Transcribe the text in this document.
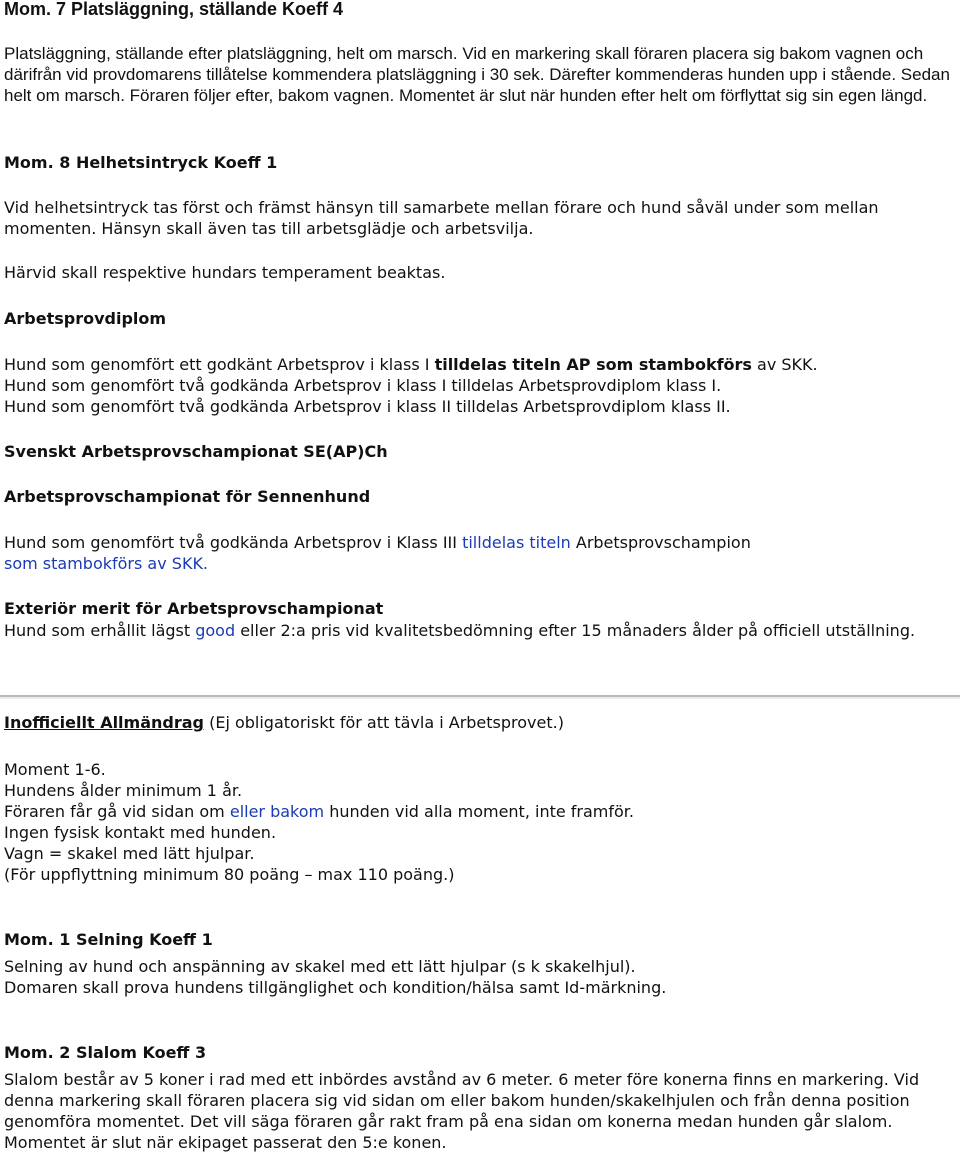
Mom. 7 Platsläggning, ställande Koeff 4

Platsläggning, ställande efter platsläggning, helt om marsch. Vid en markering skall föraren placera sig bakom vagnen och därifrån vid provdomarens tillåtelse kommendera platsläggning i 30 sek. Därefter kommenderas hunden upp i stående. Sedan helt om marsch. Föraren följer efter, bakom vagnen. Momentet är slut när hunden efter helt om förflyttat sig sin egen längd.

Mom. 8 Helhetsintryck Koeff 1

Vid helhetsintryck tas först och främst hänsyn till samarbete mellan förare och hund såväl under som mellan momenten. Hänsyn skall även tas till arbetsglädje och arbetsvilja.

Härvid skall respektive hundars temperament beaktas.

Arbetsprovdiplom
Hund som genomfört ett godkänt Arbetsprov i klass I tilldelas titeln AP som stambokförs av SKK.
Hund som genomfört två godkända Arbetsprov i klass I tilldelas Arbetsprovdiplom klass I.
Hund som genomfört två godkända Arbetsprov i klass II tilldelas Arbetsprovdiplom klass II.
Svenskt Arbetsprovschampionat SE(AP)Ch
Arbetsprovschampionat för Sennenhund
Hund som genomfört två godkända Arbetsprov i Klass III tilldelas titeln Arbetsprovschampion
som stambokförs av SKK.
Exteriör merit för Arbetsprovschampionat

Hund som erhållit lägst good eller 2:a pris vid kvalitetsbedömning efter 15 månaders ålder på officiell utställning.

Inofficiellt Allmändrag (Ej obligatoriskt för att tävla i Arbetsprovet.)
Moment 1-6.
Hundens ålder minimum 1 år.
Föraren får gå vid sidan om eller bakom hunden vid alla moment, inte framför.
Ingen fysisk kontakt med hunden.
Vagn = skakel med lätt hjulpar.
(För uppflyttning minimum 80 poäng – max 110 poäng.)
Mom. 1 Selning Koeff 1
Selning av hund och anspänning av skakel med ett lätt hjulpar (s k skakelhjul).
Domaren skall prova hundens tillgänglighet och kondition/hälsa samt Id-märkning.
Mom. 2 Slalom Koeff 3

Slalom består av 5 koner i rad med ett inbördes avstånd av 6 meter. 6 meter före konerna finns en markering. Vid denna markering skall föraren placera sig vid sidan om eller bakom hunden/skakelhjulen och från denna position genomföra momentet. Det vill säga föraren går rakt fram på ena sidan om konerna medan hunden går slalom. Momentet är slut när ekipaget passerat den 5:e konen.
